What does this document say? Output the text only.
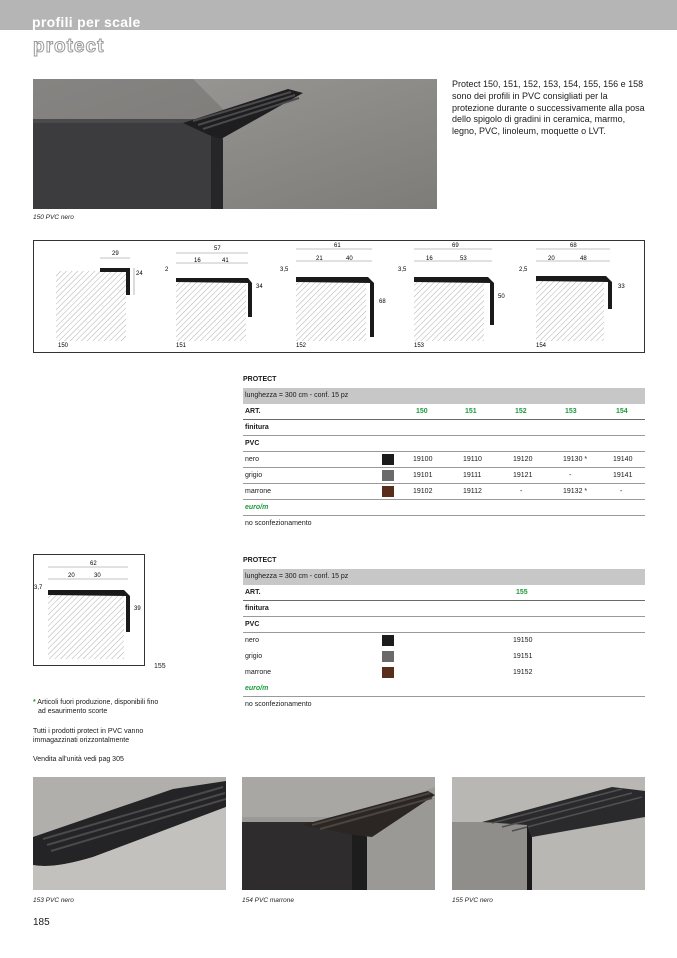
profili per scale
protect
150 PVC nero
Protect 150, 151, 152, 153, 154, 155, 156 e 158 sono dei profili in PVC consigliati per la protezione durante o successivamente alla posa dello spigolo di gradini in ceramica, marmo, legno, PVC, linoleum, moquette o LVT.
29
24
150
57
16	41
2
34
151
61
21	40
3,5
68
152
69
16	53
3,5
50
153
68
20	48
2,5
33
154
PROTECT
lunghezza = 300 cm - conf. 15 pz
ART.	150	151	152	153	154
finitura
PVC
nero	19100	19110	19120	19130 *	19140
grigio	19101	19111	19121	-	19141
marrone	19102	19112	-	19132 *	-
euro/m
no sconfezionamento
62
20	30
3,7
39
155
PROTECT
lunghezza = 300 cm - conf. 15 pz
ART.	155
finitura
PVC
nero	19150
grigio	19151
marrone	19152
euro/m
no sconfezionamento
* Articoli fuori produzione, disponibili fino
ad esaurimento scorte
Tutti i prodotti protect in PVC vanno
immagazzinati orizzontalmente
Vendita all'unità vedi pag 305
153 PVC nero	154 PVC marrone	155 PVC nero
185
